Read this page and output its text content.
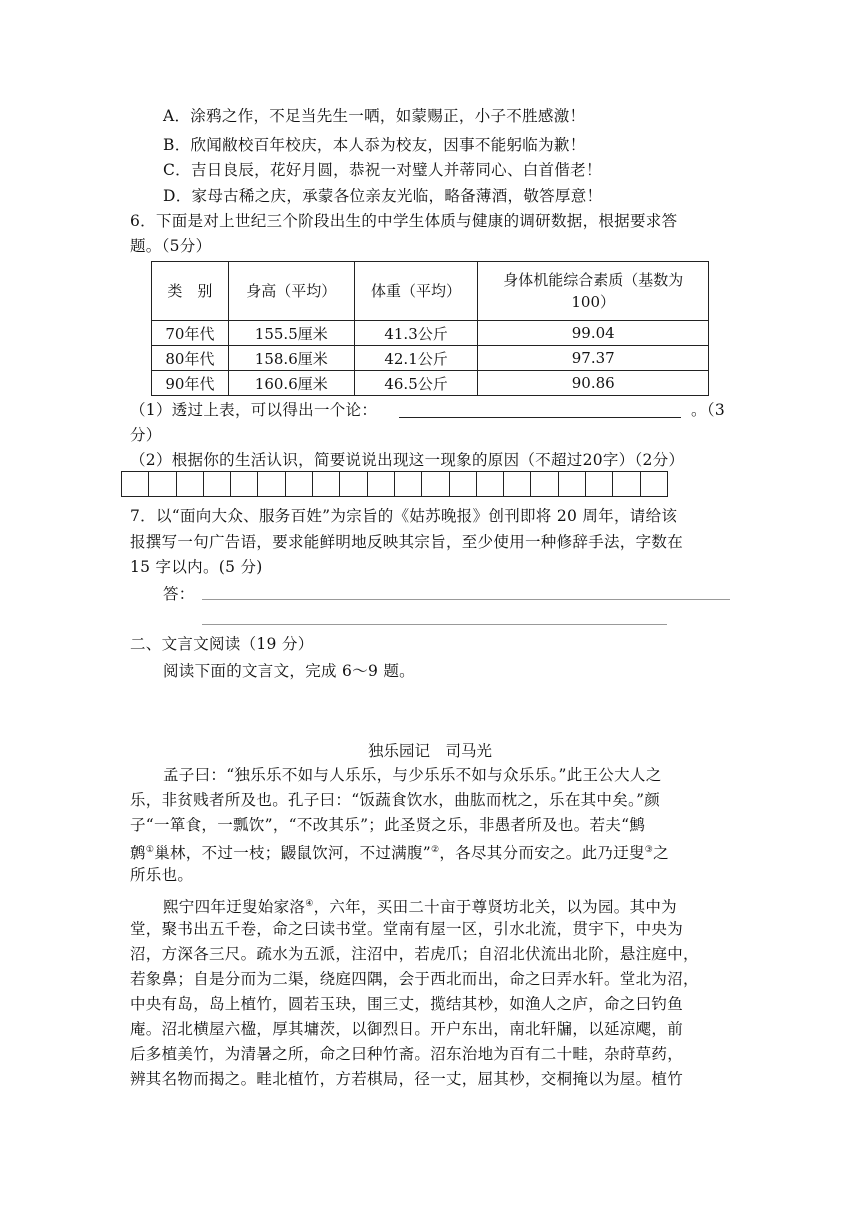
A．涂鸦之作，不足当先生一哂，如蒙赐正，小子不胜感激！
B．欣闻敝校百年校庆，本人忝为校友，因事不能躬临为歉！
C．吉日良辰，花好月圆，恭祝一对璧人并蒂同心、白首偕老！
D．家母古稀之庆，承蒙各位亲友光临，略备薄酒，敬答厚意！
6．下面是对上世纪三个阶段出生的中学生体质与健康的调研数据，根据要求答
题。（5分）
类　别	身高（平均）	体重（平均）	身体机能综合素质（基数为
100）

70年代	155.5厘米	41.3公斤	99.04
80年代	158.6厘米	42.1公斤	97.37
90年代	160.6厘米	46.5公斤	90.86
（1）透过上表，可以得出一个论：	。（3
分）
（2）根据你的生活认识，简要说说出现这一现象的原因（不超过20字）（2分）
7．以“面向大众、服务百姓”为宗旨的《姑苏晚报》创刊即将 20 周年，请给该
报撰写一句广告语，要求能鲜明地反映其宗旨，至少使用一种修辞手法，字数在
15 字以内。(5 分)
答：
二、文言文阅读（19 分）
阅读下面的文言文，完成 6～9 题。
独乐园记　司马光
孟子曰：“独乐乐不如与人乐乐，与少乐乐不如与众乐乐。”此王公大人之
乐，非贫贱者所及也。孔子曰：“饭蔬食饮水，曲肱而枕之，乐在其中矣。”颜
子“一箪食，一瓢饮”，“不改其乐”；此圣贤之乐，非愚者所及也。若夫“鹪
鹩①巢林，不过一枝；鼹鼠饮河，不过满腹”②，各尽其分而安之。此乃迂叟③之
所乐也。
熙宁四年迂叟始家洛④，六年，买田二十亩于尊贤坊北关，以为园。其中为
堂，聚书出五千卷，命之曰读书堂。堂南有屋一区，引水北流，贯宇下，中央为
沼，方深各三尺。疏水为五派，注沼中，若虎爪；自沼北伏流出北阶，悬注庭中，
若象鼻；自是分而为二渠，绕庭四隅，会于西北而出，命之曰弄水轩。堂北为沼，
中央有岛，岛上植竹，圆若玉玦，围三丈，揽结其杪，如渔人之庐，命之曰钓鱼
庵。沼北横屋六楹，厚其墉茨，以御烈日。开户东出，南北轩牖，以延凉飔，前
后多植美竹，为清暑之所，命之曰种竹斋。沼东治地为百有二十畦，杂莳草药，
辨其名物而揭之。畦北植竹，方若棋局，径一丈，屈其杪，交桐掩以为屋。植竹
